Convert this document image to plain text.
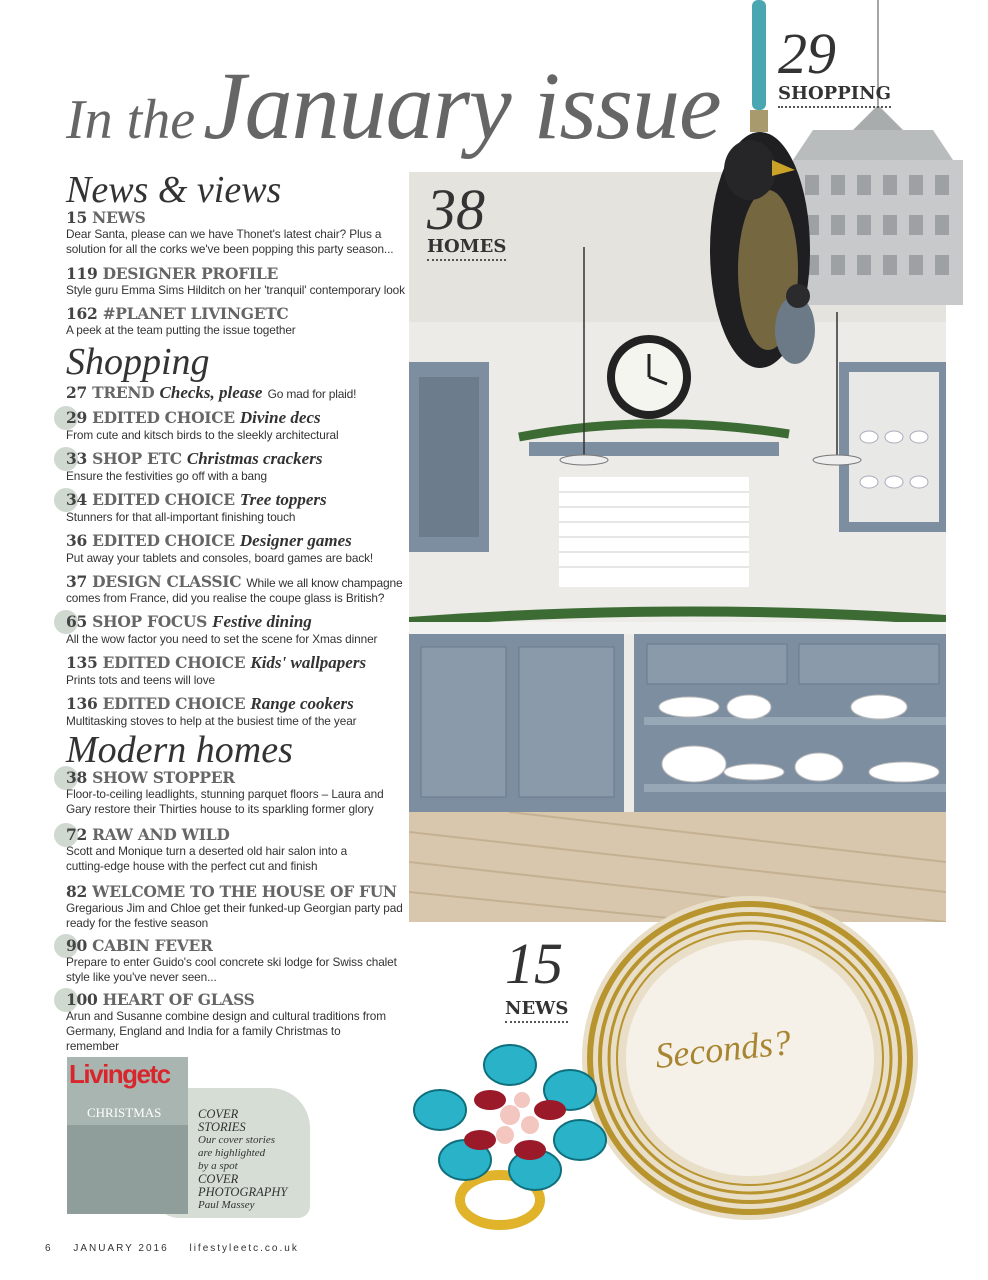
In theJanuary issue
News & views
15 NEWS
Dear Santa, please can we have Thonet's latest chair? Plus a solution for all the corks we've been popping this party season...
119 DESIGNER PROFILE
Style guru Emma Sims Hilditch on her 'tranquil' contemporary look
162 #PLANET LIVINGETC
A peek at the team putting the issue together
Shopping
27 TREND Checks, please Go mad for plaid!
29 EDITED CHOICE Divine decs
From cute and kitsch birds to the sleekly architectural
33 SHOP ETC Christmas crackers
Ensure the festivities go off with a bang
34 EDITED CHOICE Tree toppers
Stunners for that all-important finishing touch
36 EDITED CHOICE Designer games
Put away your tablets and consoles, board games are back!
37 DESIGN CLASSIC While we all know champagne
comes from France, did you realise the coupe glass is British?
65 SHOP FOCUS Festive dining
All the wow factor you need to set the scene for Xmas dinner
135 EDITED CHOICE Kids' wallpapers
Prints tots and teens will love
136 EDITED CHOICE Range cookers
Multitasking stoves to help at the busiest time of the year
Modern homes
38 SHOW STOPPER
Floor-to-ceiling leadlights, stunning parquet floors – Laura and Gary restore their Thirties house to its sparkling former glory
72 RAW AND WILD
Scott and Monique turn a deserted old hair salon into a cutting-edge house with the perfect cut and finish
82 WELCOME TO THE HOUSE OF FUN
Gregarious Jim and Chloe get their funked-up Georgian party pad ready for the festive season
90 CABIN FEVER
Prepare to enter Guido's cool concrete ski lodge for Swiss chalet style like you've never seen...
100 HEART OF GLASS
Arun and Susanne combine design and cultural traditions from Germany, England and India for a family Christmas to remember
29
SHOPPING
38
HOMES
15
NEWS
Seconds?
Livingetc
CHRISTMAS	COVER
STORIES
Our cover stories
are highlighted
by a spot
COVER
PHOTOGRAPHY
Paul Massey
6 JANUARY 2016 lifestyleetc.co.uk
